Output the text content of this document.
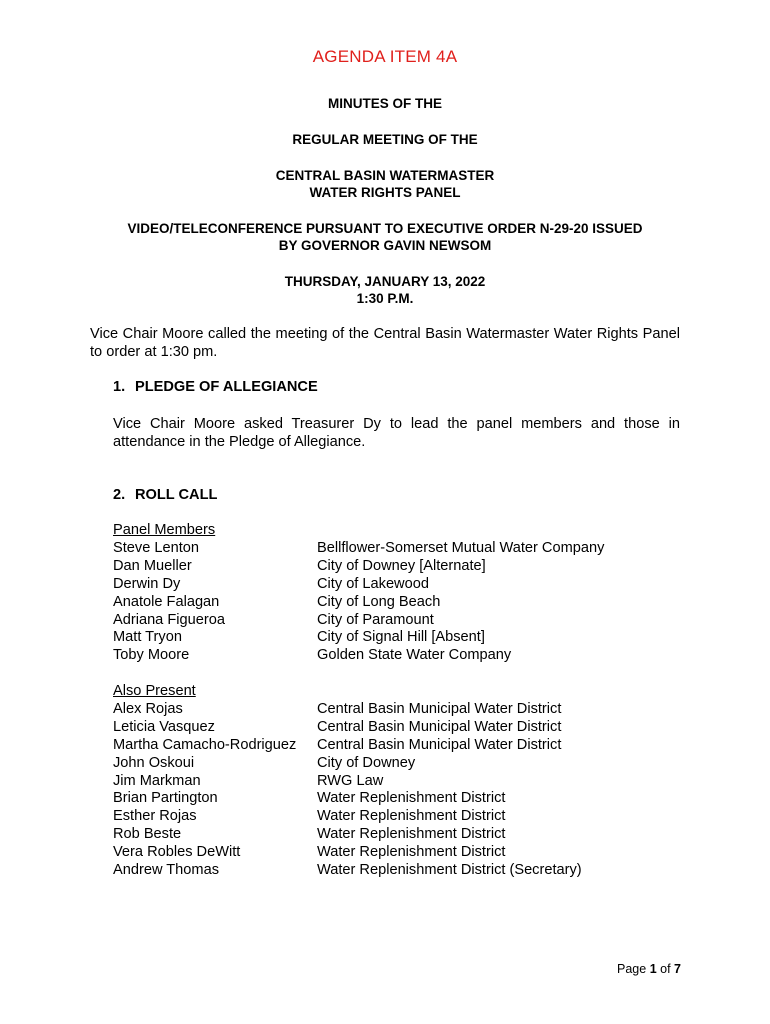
AGENDA ITEM 4A
MINUTES OF THE
REGULAR MEETING OF THE
CENTRAL BASIN WATERMASTER
WATER RIGHTS PANEL
VIDEO/TELECONFERENCE PURSUANT TO EXECUTIVE ORDER N-29-20 ISSUED
BY GOVERNOR GAVIN NEWSOM
THURSDAY, JANUARY 13, 2022
1:30 P.M.
Vice Chair Moore called the meeting of the Central Basin Watermaster Water Rights Panel to order at 1:30 pm.
1. PLEDGE OF ALLEGIANCE
Vice Chair Moore asked Treasurer Dy to lead the panel members and those in attendance in the Pledge of Allegiance.
2. ROLL CALL
Panel Members
Steve Lenton	Bellflower-Somerset Mutual Water Company
Dan Mueller	City of Downey [Alternate]
Derwin Dy	City of Lakewood
Anatole Falagan	City of Long Beach
Adriana Figueroa	City of Paramount
Matt Tryon	City of Signal Hill [Absent]
Toby Moore	Golden State Water Company
Also Present
Alex Rojas	Central Basin Municipal Water District
Leticia Vasquez	Central Basin Municipal Water District
Martha Camacho-Rodriguez	Central Basin Municipal Water District
John Oskoui	City of Downey
Jim Markman	RWG Law
Brian Partington	Water Replenishment District
Esther Rojas	Water Replenishment District
Rob Beste	Water Replenishment District
Vera Robles DeWitt	Water Replenishment District
Andrew Thomas	Water Replenishment District (Secretary)
Page 1 of 7
